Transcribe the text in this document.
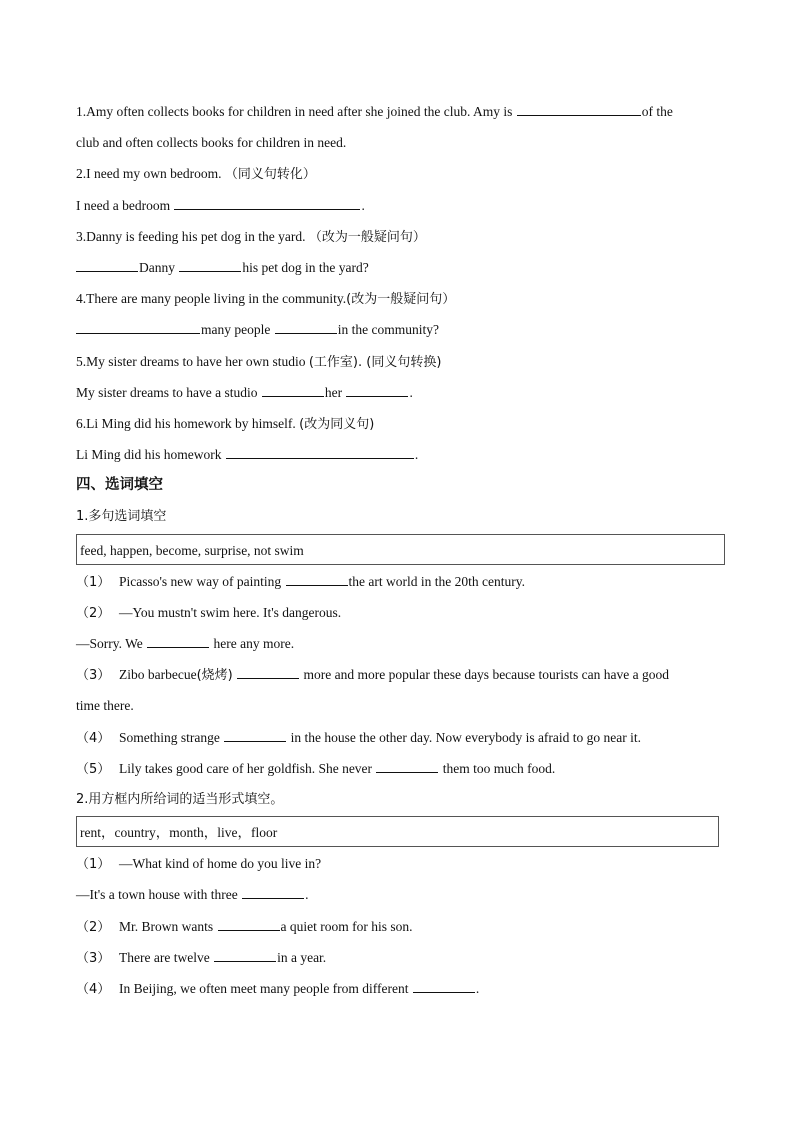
1.Amy often collects books for children in need after she joined the club. Amy is	of the
club and often collects books for children in need.
2.I need my own bedroom. （同义句转化）
I need a bedroom	.
3.Danny is feeding his pet dog in the yard. （改为一般疑问句）
Danny	his pet dog in the yard?
4.There are many people living in the community.(改为一般疑问句）
many people	in the community?
5.My sister dreams to have her own studio (工作室). (同义句转换)
My sister dreams to have a studio	her	.
6.Li Ming did his homework by himself. (改为同义句)
Li Ming did his homework	.
四、选词填空
1.多句选词填空
feed, happen, become, surprise, not swim
（1） Picasso's new way of painting	the art world in the 20th century.
（2） —You mustn't swim here. It's dangerous.
—Sorry. We	here any more.
（3） Zibo barbecue(烧烤)	more and more popular these days because tourists can have a good
time there.
（4） Something strange	in the house the other day. Now everybody is afraid to go near it.
（5） Lily takes good care of her goldfish. She never	them too much food.
2.用方框内所给词的适当形式填空。
rent，country，month，live，floor
（1） —What kind of home do you live in?
—It's a town house with three	.
（2） Mr. Brown wants	a quiet room for his son.
（3） There are twelve	in a year.
（4） In Beijing, we often meet many people from different	.
